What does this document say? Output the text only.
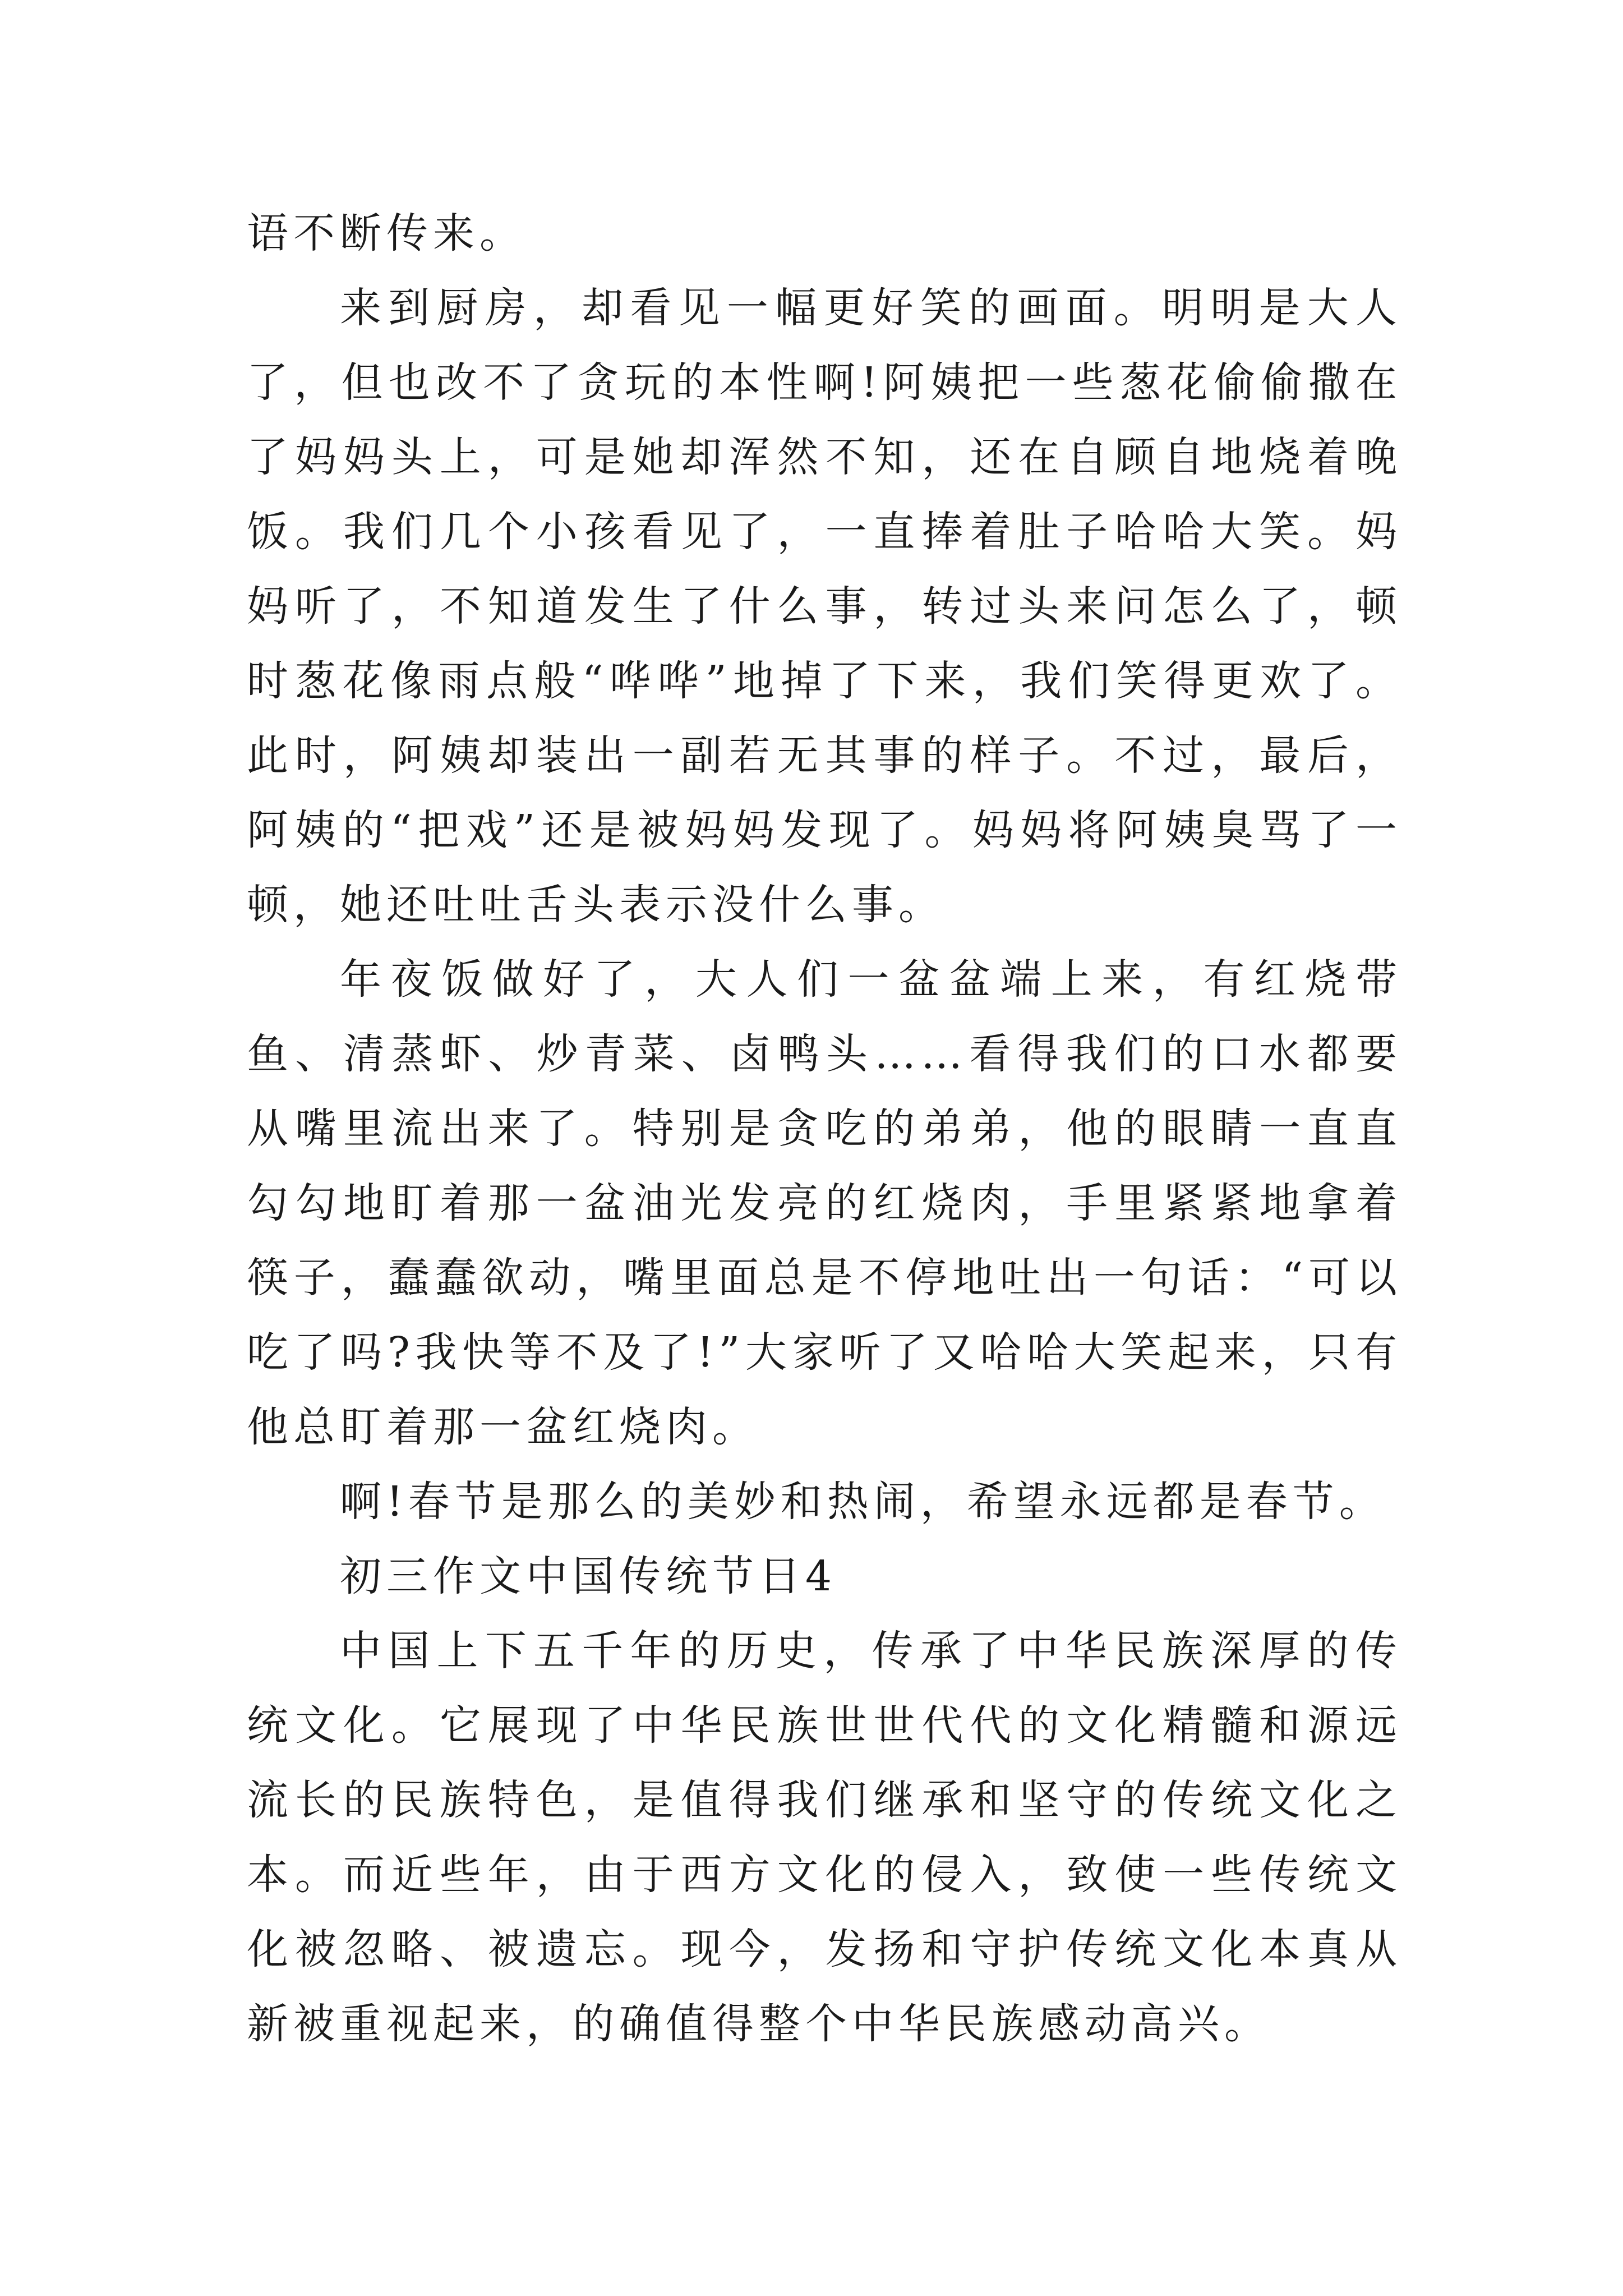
语不断传来。

来到厨房，却看见一幅更好笑的画面。明明是大人了，但也改不了贪玩的本性啊!阿姨把一些葱花偷偷撒在了妈妈头上，可是她却浑然不知，还在自顾自地烧着晚饭。我们几个小孩看见了，一直捧着肚子哈哈大笑。妈妈听了，不知道发生了什么事，转过头来问怎么了，顿时葱花像雨点般“哗哗”地掉了下来，我们笑得更欢了。此时，阿姨却装出一副若无其事的样子。不过，最后，阿姨的“把戏”还是被妈妈发现了。妈妈将阿姨臭骂了一顿，她还吐吐舌头表示没什么事。

年夜饭做好了，大人们一盆盆端上来，有红烧带鱼、清蒸虾、炒青菜、卤鸭头……看得我们的口水都要从嘴里流出来了。特别是贪吃的弟弟，他的眼睛一直直勾勾地盯着那一盆油光发亮的红烧肉，手里紧紧地拿着筷子，蠢蠢欲动，嘴里面总是不停地吐出一句话：“可以吃了吗?我快等不及了!”大家听了又哈哈大笑起来，只有他总盯着那一盆红烧肉。

啊!春节是那么的美妙和热闹，希望永远都是春节。

初三作文中国传统节日4

中国上下五千年的历史，传承了中华民族深厚的传统文化。它展现了中华民族世世代代的文化精髓和源远流长的民族特色，是值得我们继承和坚守的传统文化之本。而近些年，由于西方文化的侵入，致使一些传统文化被忽略、被遗忘。现今，发扬和守护传统文化本真从新被重视起来，的确值得整个中华民族感动高兴。
